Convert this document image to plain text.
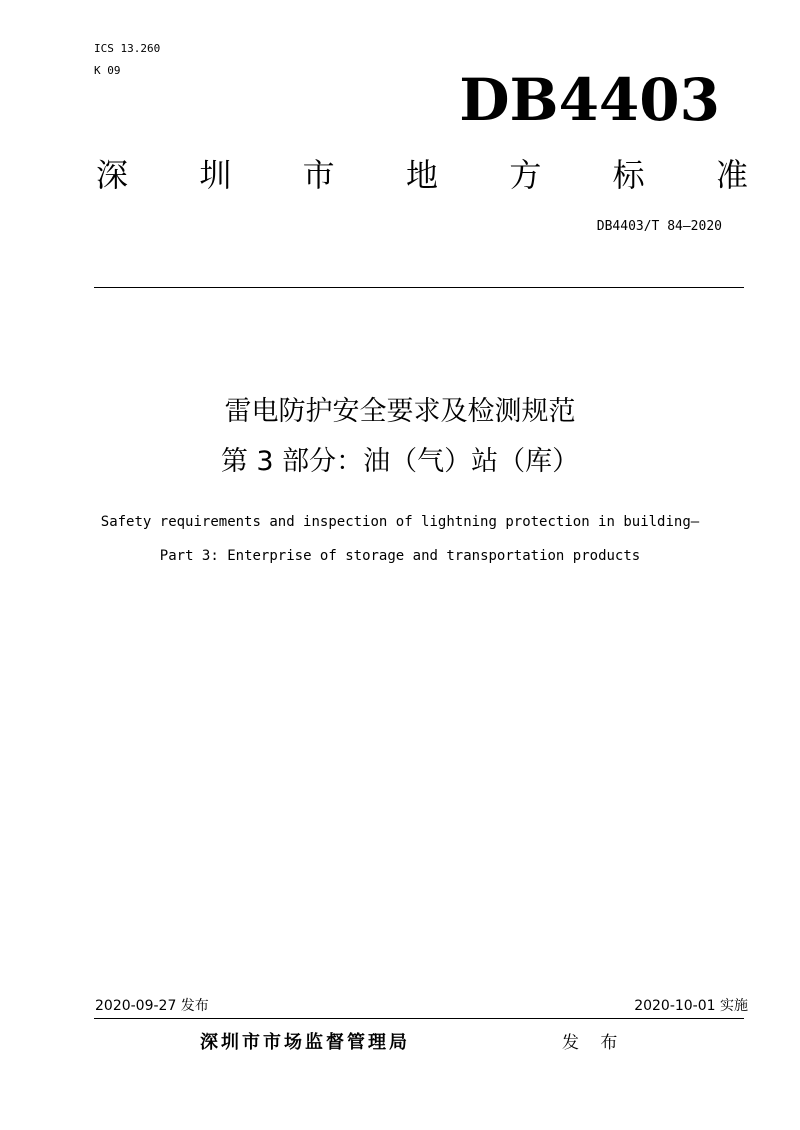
ICS 13.260
K 09	DB4403
深 圳 市 地 方 标 准
DB4403/T 84—2020
雷电防护安全要求及检测规范
第 3 部分：油（气）站（库）
Safety requirements and inspection of lightning protection in building—
Part 3: Enterprise of storage and transportation products
2020-09-27 发布	2020-10-01 实施
深圳市市场监督管理局	发 布
